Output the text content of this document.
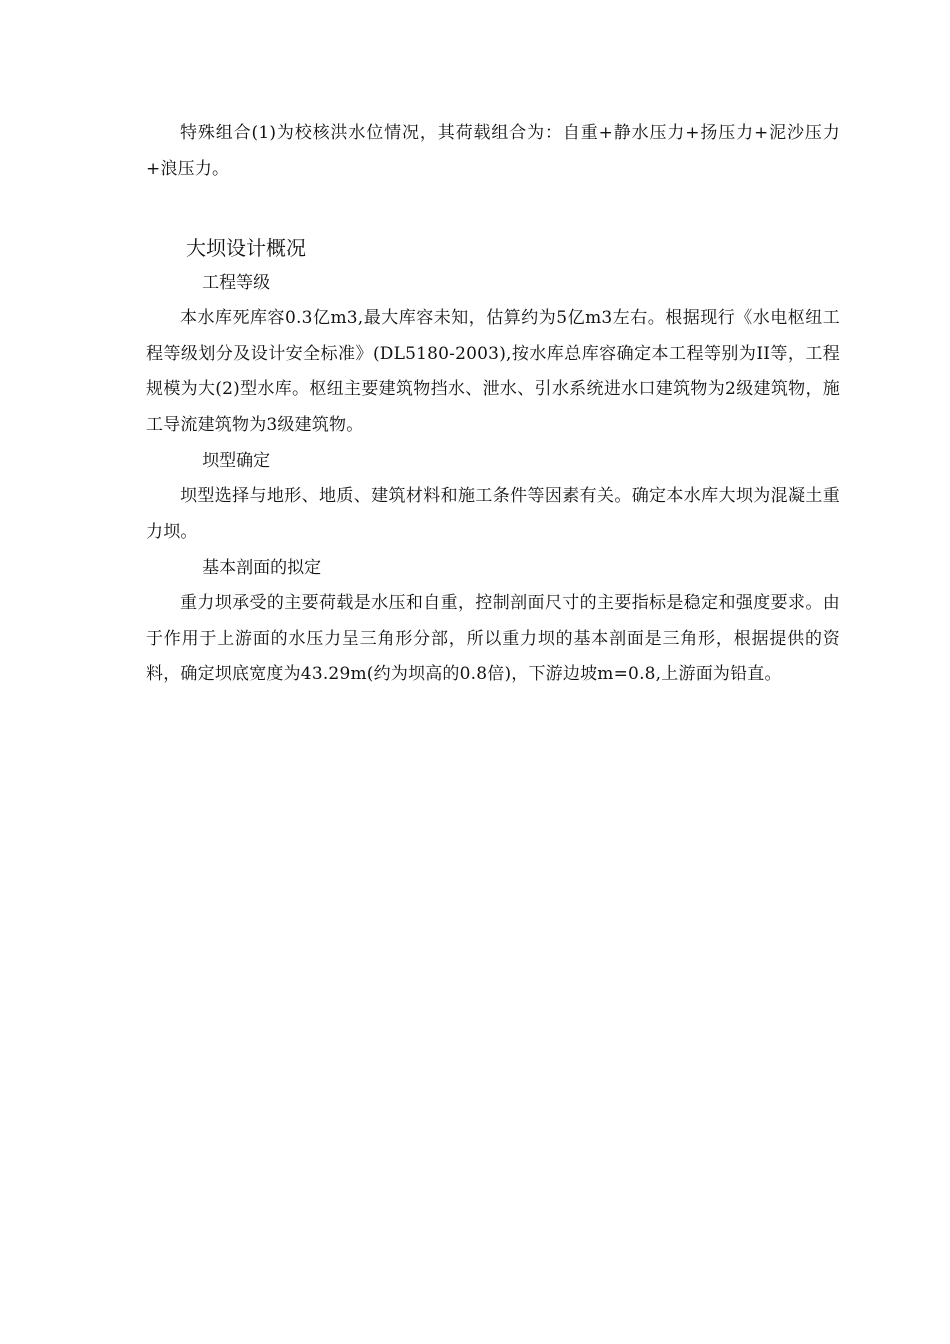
特殊组合(1)为校核洪水位情况，其荷载组合为：自重+静水压力+扬压力+泥沙压力+浪压力。

大坝设计概况
工程等级

本水库死库容0.3亿m3,最大库容未知，估算约为5亿m3左右。根据现行《水电枢纽工程等级划分及设计安全标准》(DL5180-2003),按水库总库容确定本工程等别为II等，工程规模为大(2)型水库。枢纽主要建筑物挡水、泄水、引水系统进水口建筑物为2级建筑物，施工导流建筑物为3级建筑物。

坝型确定

坝型选择与地形、地质、建筑材料和施工条件等因素有关。确定本水库大坝为混凝土重力坝。

基本剖面的拟定

重力坝承受的主要荷载是水压和自重，控制剖面尺寸的主要指标是稳定和强度要求。由于作用于上游面的水压力呈三角形分部，所以重力坝的基本剖面是三角形，根据提供的资料，确定坝底宽度为43.29m(约为坝高的0.8倍)，下游边坡m=0.8,上游面为铅直。
